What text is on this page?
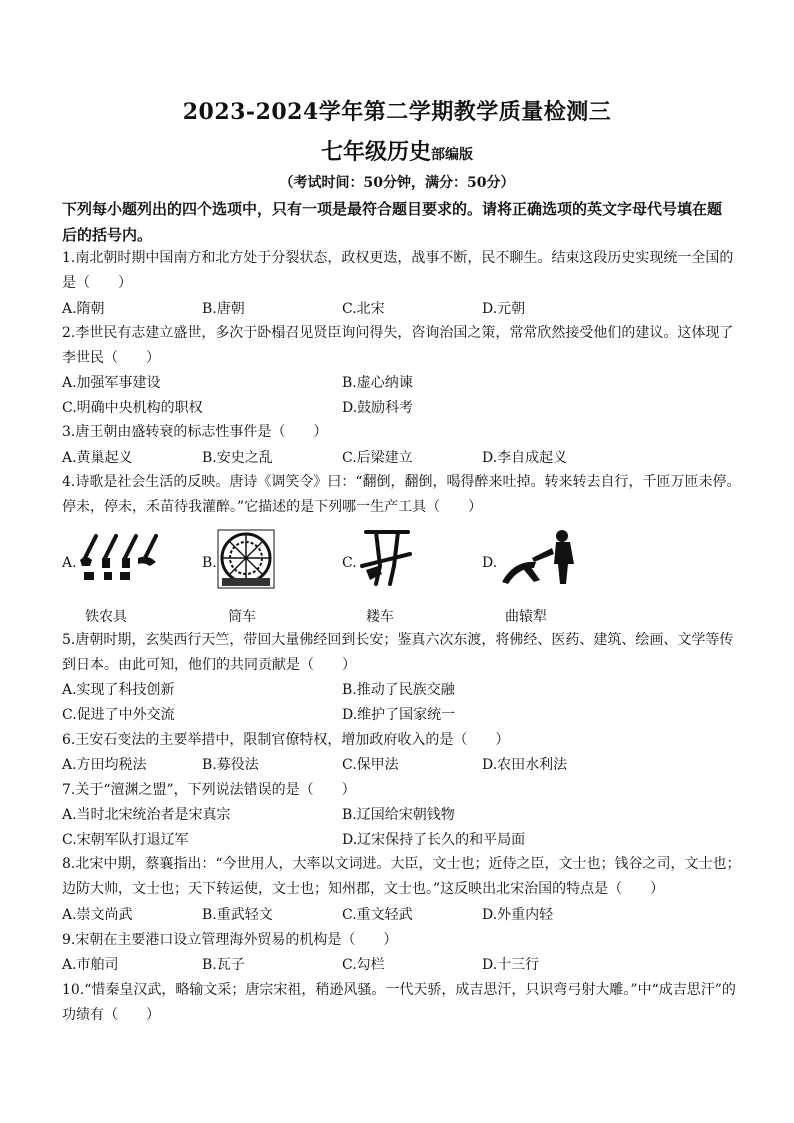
2023-2024学年第二学期教学质量检测三
七年级历史部编版
（考试时间：50分钟，满分：50分）
下列每小题列出的四个选项中，只有一项是最符合题目要求的。请将正确选项的英文字母代号填在题后的括号内。
1.南北朝时期中国南方和北方处于分裂状态，政权更迭，战事不断，民不聊生。结束这段历史实现统一全国的是（　　）
A.隋朝	B.唐朝	C.北宋	D.元朝
2.李世民有志建立盛世，多次于卧榻召见贤臣询问得失，咨询治国之策，常常欣然接受他们的建议。这体现了李世民（　　）
A.加强军事建设	B.虚心纳谏
C.明确中央机构的职权	D.鼓励科考
3.唐王朝由盛转衰的标志性事件是（　　）
A.黄巢起义	B.安史之乱	C.后梁建立	D.李自成起义
4.诗歌是社会生活的反映。唐诗《调笑令》曰：“翻倒，翻倒，喝得醉来吐掉。转来转去自行，千匝万匝未停。停未，停未，禾苗待我灌醉。”它描述的是下列哪一生产工具（　　）
A.	B.	C.	D.
铁农具	筒车	耧车	曲辕犁
5.唐朝时期，玄奘西行天竺，带回大量佛经回到长安；鉴真六次东渡，将佛经、医药、建筑、绘画、文学等传到日本。由此可知，他们的共同贡献是（　　）
A.实现了科技创新	B.推动了民族交融
C.促进了中外交流	D.维护了国家统一
6.王安石变法的主要举措中，限制官僚特权，增加政府收入的是（　　）
A.方田均税法	B.募役法	C.保甲法	D.农田水利法
7.关于“澶渊之盟”，下列说法错误的是（　　）
A.当时北宋统治者是宋真宗	B.辽国给宋朝钱物
C.宋朝军队打退辽军	D.辽宋保持了长久的和平局面
8.北宋中期，蔡襄指出：“今世用人，大率以文词进。大臣，文士也；近侍之臣，文士也；钱谷之司，文士也；边防大帅，文士也；天下转运使，文士也；知州郡，文士也。”这反映出北宋治国的特点是（　　）
A.崇文尚武	B.重武轻文	C.重文轻武	D.外重内轻
9.宋朝在主要港口设立管理海外贸易的机构是（　　）
A.市舶司	B.瓦子	C.勾栏	D.十三行
10.“惜秦皇汉武，略输文采；唐宗宋祖，稍逊风骚。一代天骄，成吉思汗，只识弯弓射大雕。”中“成吉思汗”的功绩有（　　）
